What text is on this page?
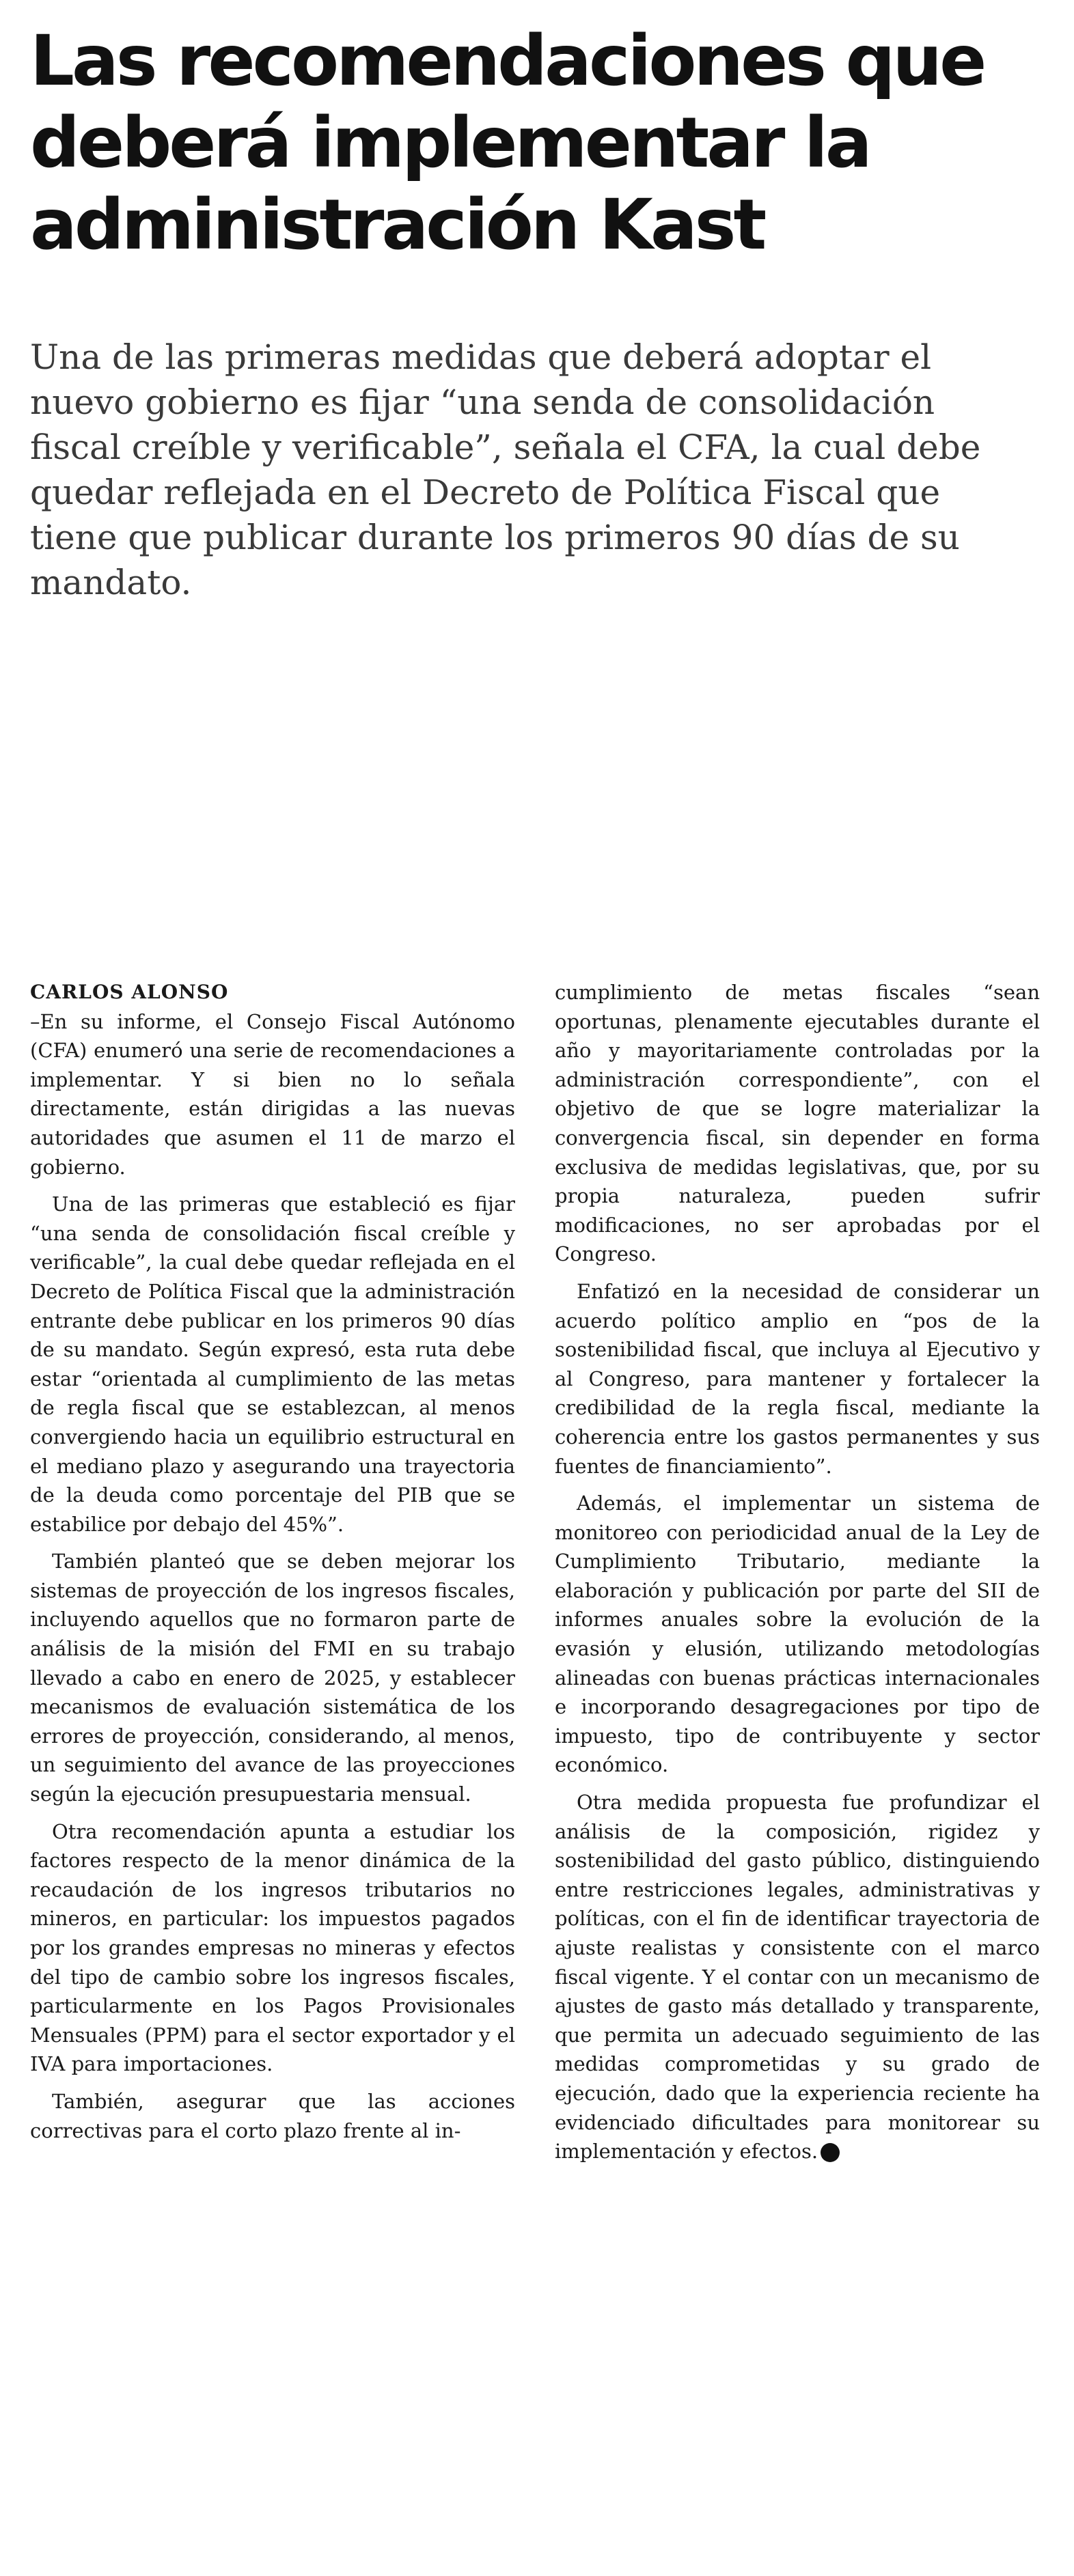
Las recomendaciones que
deberá implementar la
administración Kast
Una de las primeras medidas que deberá adoptar el
nuevo gobierno es fijar “una senda de consolidación
fiscal creíble y verificable”, señala el CFA, la cual debe
quedar reflejada en el Decreto de Política Fiscal que
tiene que publicar durante los primeros 90 días de su
mandato.
CARLOS ALONSO

–En su informe, el Consejo Fiscal Autónomo (CFA) enumeró una serie de recomendaciones a implementar. Y si bien no lo señala directamente, están dirigidas a las nuevas autoridades que asumen el 11 de marzo el gobierno.

Una de las primeras que estableció es fijar “una senda de consolidación fiscal creíble y verificable”, la cual debe quedar reflejada en el Decreto de Política Fiscal que la administración entrante debe publicar en los primeros 90 días de su mandato. Según expresó, esta ruta debe estar “orientada al cumplimiento de las metas de regla fiscal que se establezcan, al menos convergiendo hacia un equilibrio estructural en el mediano plazo y asegurando una trayectoria de la deuda como porcentaje del PIB que se estabilice por debajo del 45%”.

También planteó que se deben mejorar los sistemas de proyección de los ingresos fiscales, incluyendo aquellos que no formaron parte de análisis de la misión del FMI en su trabajo llevado a cabo en enero de 2025, y establecer mecanismos de evaluación sistemática de los errores de proyección, considerando, al menos, un seguimiento del avance de las proyecciones según la ejecución presupuestaria mensual.

Otra recomendación apunta a estudiar los factores respecto de la menor dinámica de la recaudación de los ingresos tributarios no mineros, en particular: los impuestos pagados por los grandes empresas no mineras y efectos del tipo de cambio sobre los ingresos fiscales, particularmente en los Pagos Provisionales Mensuales (PPM) para el sector exportador y el IVA para importaciones.

También, asegurar que las acciones correctivas para el corto plazo frente al in-

cumplimiento de metas fiscales “sean oportunas, plenamente ejecutables durante el año y mayoritariamente controladas por la administración correspondiente”, con el objetivo de que se logre materializar la convergencia fiscal, sin depender en forma exclusiva de medidas legislativas, que, por su propia naturaleza, pueden sufrir modificaciones, no ser aprobadas por el Congreso.

Enfatizó en la necesidad de considerar un acuerdo político amplio en “pos de la sostenibilidad fiscal, que incluya al Ejecutivo y al Congreso, para mantener y fortalecer la credibilidad de la regla fiscal, mediante la coherencia entre los gastos permanentes y sus fuentes de financiamiento”.

Además, el implementar un sistema de monitoreo con periodicidad anual de la Ley de Cumplimiento Tributario, mediante la elaboración y publicación por parte del SII de informes anuales sobre la evolución de la evasión y elusión, utilizando metodologías alineadas con buenas prácticas internacionales e incorporando desagregaciones por tipo de impuesto, tipo de contribuyente y sector económico.

Otra medida propuesta fue profundizar el análisis de la composición, rigidez y sostenibilidad del gasto público, distinguiendo entre restricciones legales, administrativas y políticas, con el fin de identificar trayectoria de ajuste realistas y consistente con el marco fiscal vigente. Y el contar con un mecanismo de ajustes de gasto más detallado y transparente, que permita un adecuado seguimiento de las medidas comprometidas y su grado de ejecución, dado que la experiencia reciente ha evidenciado dificultades para monitorear su implementación y efectos. P
